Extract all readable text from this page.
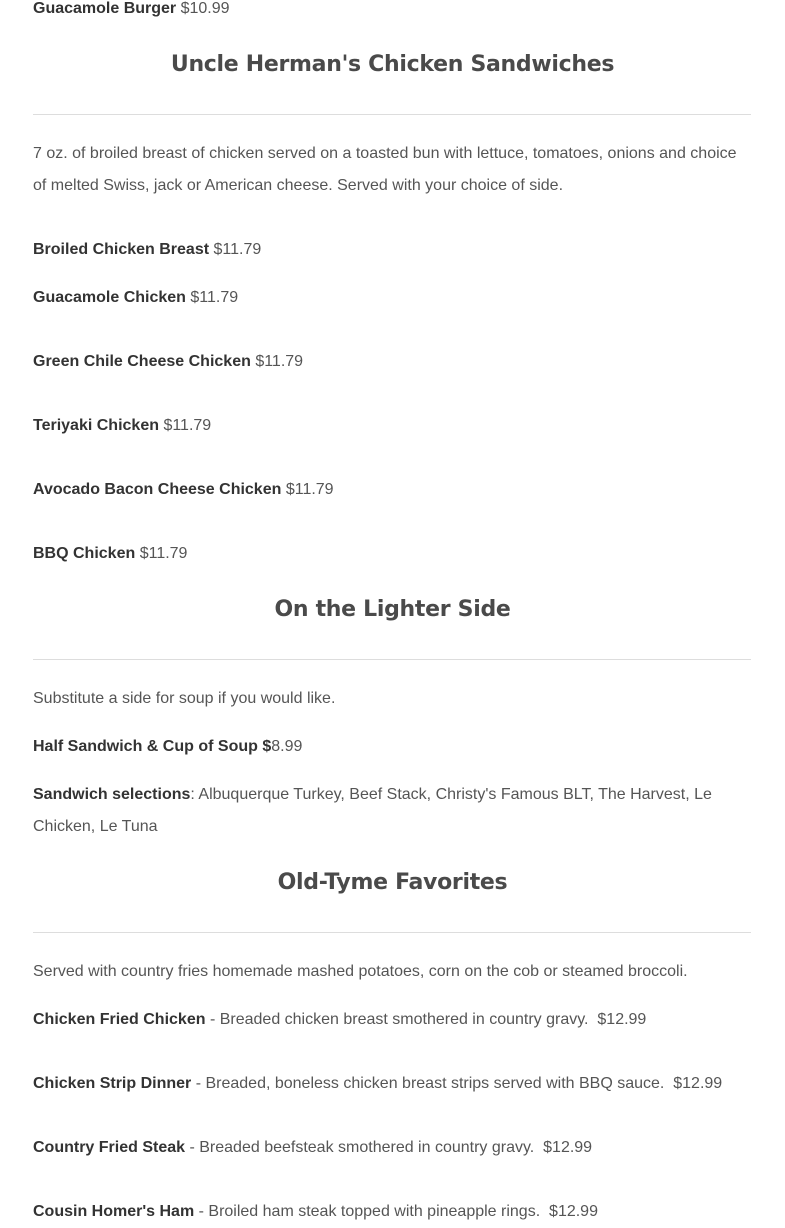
Guacamole Burger $10.99

Uncle Herman's Chicken Sandwiches

7 oz. of broiled breast of chicken served on a toasted bun with lettuce, tomatoes, onions and choice of melted Swiss, jack or American cheese. Served with your choice of side.

Broiled Chicken Breast $11.79

Guacamole Chicken $11.79

Green Chile Cheese Chicken $11.79

Teriyaki Chicken $11.79

Avocado Bacon Cheese Chicken $11.79

BBQ Chicken $11.79

On the Lighter Side

Substitute a side for soup if you would like.

Half Sandwich & Cup of Soup $8.99

Sandwich selections: Albuquerque Turkey, Beef Stack, Christy's Famous BLT, The Harvest, Le Chicken, Le Tuna

Old-Tyme Favorites

Served with country fries homemade mashed potatoes, corn on the cob or steamed broccoli.

Chicken Fried Chicken - Breaded chicken breast smothered in country gravy.  $12.99

Chicken Strip Dinner - Breaded, boneless chicken breast strips served with BBQ sauce.  $12.99

Country Fried Steak - Breaded beefsteak smothered in country gravy.  $12.99

Cousin Homer's Ham - Broiled ham steak topped with pineapple rings.  $12.99
